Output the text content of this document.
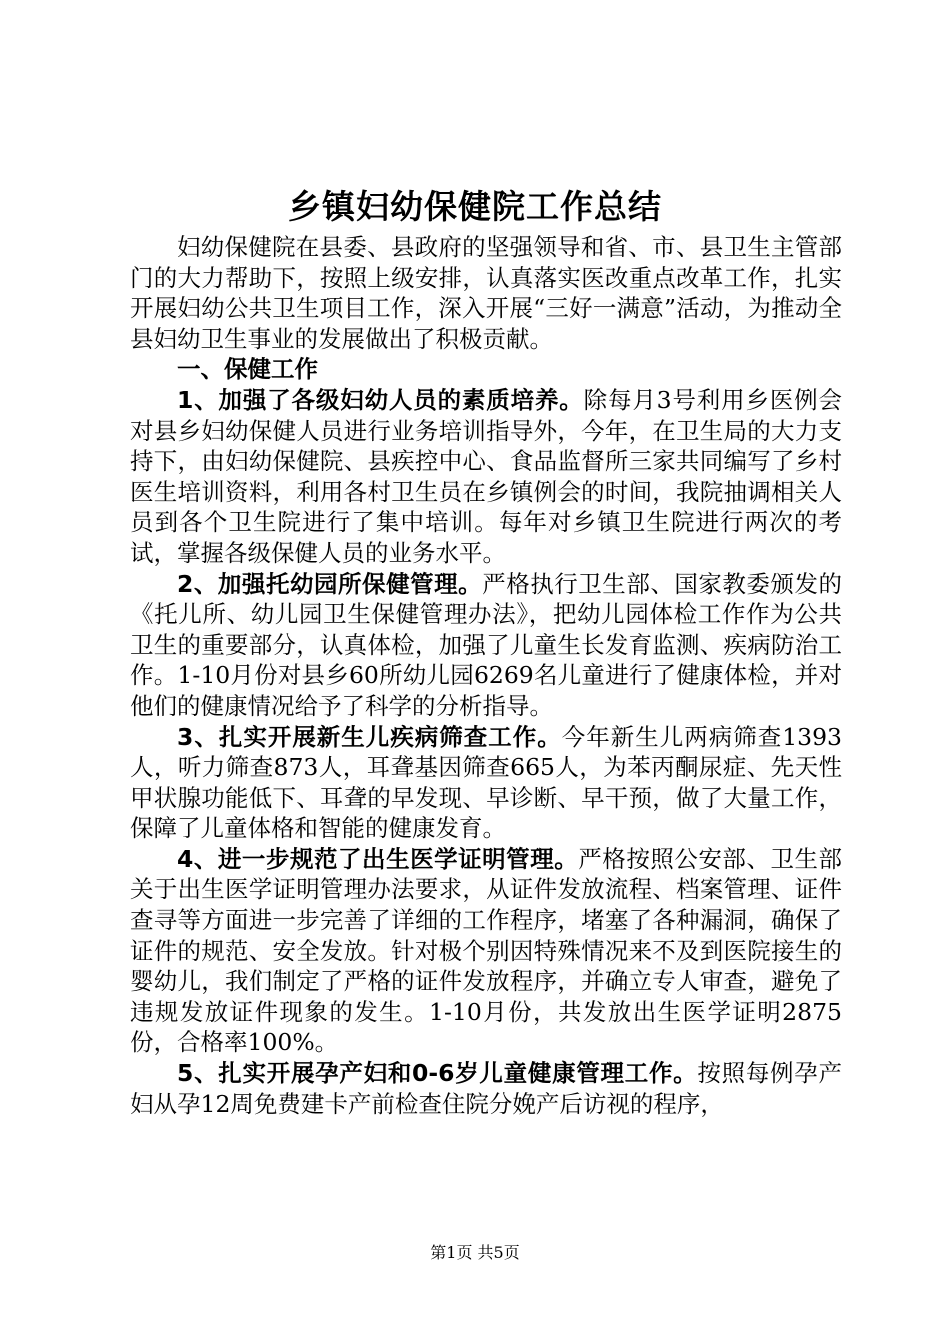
乡镇妇幼保健院工作总结

妇幼保健院在县委、县政府的坚强领导和省、市、县卫生主管部门的大力帮助下，按照上级安排，认真落实医改重点改革工作，扎实开展妇幼公共卫生项目工作，深入开展“三好一满意”活动，为推动全县妇幼卫生事业的发展做出了积极贡献。

一、保健工作

1、加强了各级妇幼人员的素质培养。除每月3号利用乡医例会对县乡妇幼保健人员进行业务培训指导外，今年，在卫生局的大力支持下，由妇幼保健院、县疾控中心、食品监督所三家共同编写了乡村医生培训资料，利用各村卫生员在乡镇例会的时间，我院抽调相关人员到各个卫生院进行了集中培训。每年对乡镇卫生院进行两次的考试，掌握各级保健人员的业务水平。

2、加强托幼园所保健管理。严格执行卫生部、国家教委颁发的《托儿所、幼儿园卫生保健管理办法》，把幼儿园体检工作作为公共卫生的重要部分，认真体检，加强了儿童生长发育监测、疾病防治工作。1-10月份对县乡60所幼儿园6269名儿童进行了健康体检，并对他们的健康情况给予了科学的分析指导。

3、扎实开展新生儿疾病筛查工作。今年新生儿两病筛查1393人，听力筛查873人，耳聋基因筛查665人，为苯丙酮尿症、先天性甲状腺功能低下、耳聋的早发现、早诊断、早干预，做了大量工作，保障了儿童体格和智能的健康发育。

4、进一步规范了出生医学证明管理。严格按照公安部、卫生部关于出生医学证明管理办法要求，从证件发放流程、档案管理、证件查寻等方面进一步完善了详细的工作程序，堵塞了各种漏洞，确保了证件的规范、安全发放。针对极个别因特殊情况来不及到医院接生的婴幼儿，我们制定了严格的证件发放程序，并确立专人审查，避免了违规发放证件现象的发生。1-10月份，共发放出生医学证明2875份，合格率100%。

5、扎实开展孕产妇和0-6岁儿童健康管理工作。按照每例孕产妇从孕12周免费建卡产前检查住院分娩产后访视的程序，

第1页 共5页
